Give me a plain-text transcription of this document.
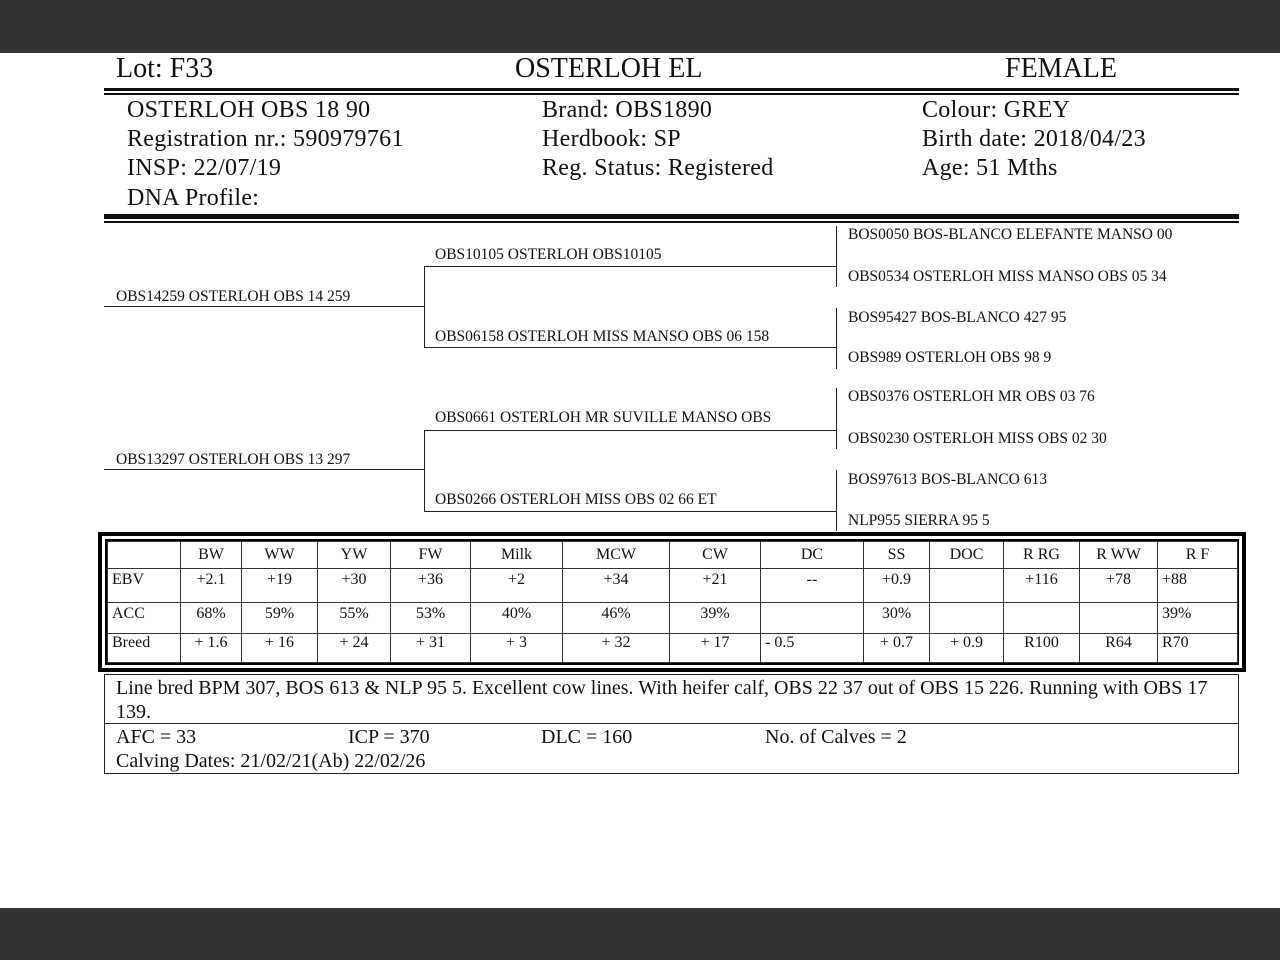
Lot: F33	OSTERLOH EL	FEMALE
OSTERLOH OBS 18 90
Registration nr.: 590979761
INSP: 22/07/19
DNA Profile:
Brand: OBS1890
Herdbook: SP
Reg. Status: Registered
Colour: GREY
Birth date: 2018/04/23
Age: 51 Mths
OBS14259 OSTERLOH OBS 14 259
OBS13297 OSTERLOH OBS 13 297
OBS10105 OSTERLOH OBS10105
OBS06158 OSTERLOH MISS MANSO OBS 06 158
OBS0661 OSTERLOH MR SUVILLE MANSO OBS
OBS0266 OSTERLOH MISS OBS 02 66 ET
BOS0050 BOS-BLANCO ELEFANTE MANSO 00
OBS0534 OSTERLOH MISS MANSO OBS 05 34
BOS95427 BOS-BLANCO 427 95
OBS989 OSTERLOH OBS 98 9
OBS0376 OSTERLOH MR OBS 03 76
OBS0230 OSTERLOH MISS OBS 02 30
BOS97613 BOS-BLANCO 613
NLP955 SIERRA 95 5
	BW	WW	YW	FW	Milk	MCW	CW	DC	SS	DOC	R RG	R WW	R F
EBV	+2.1	+19	+30	+36	+2	+34	+21	--	+0.9		+116	+78	+88
ACC	68%	59%	55%	53%	40%	46%	39%		30%				39%
Breed	+ 1.6	+ 16	+ 24	+ 31	+ 3	+ 32	+ 17	- 0.5	+ 0.7	+ 0.9	R100	R64	R70
Line bred BPM 307, BOS 613 & NLP 95 5. Excellent cow lines. With heifer calf, OBS 22 37 out of OBS 15 226. Running with OBS 17 139.
AFC = 33	ICP = 370	DLC = 160	No. of Calves = 2
Calving Dates: 21/02/21(Ab) 22/02/26
